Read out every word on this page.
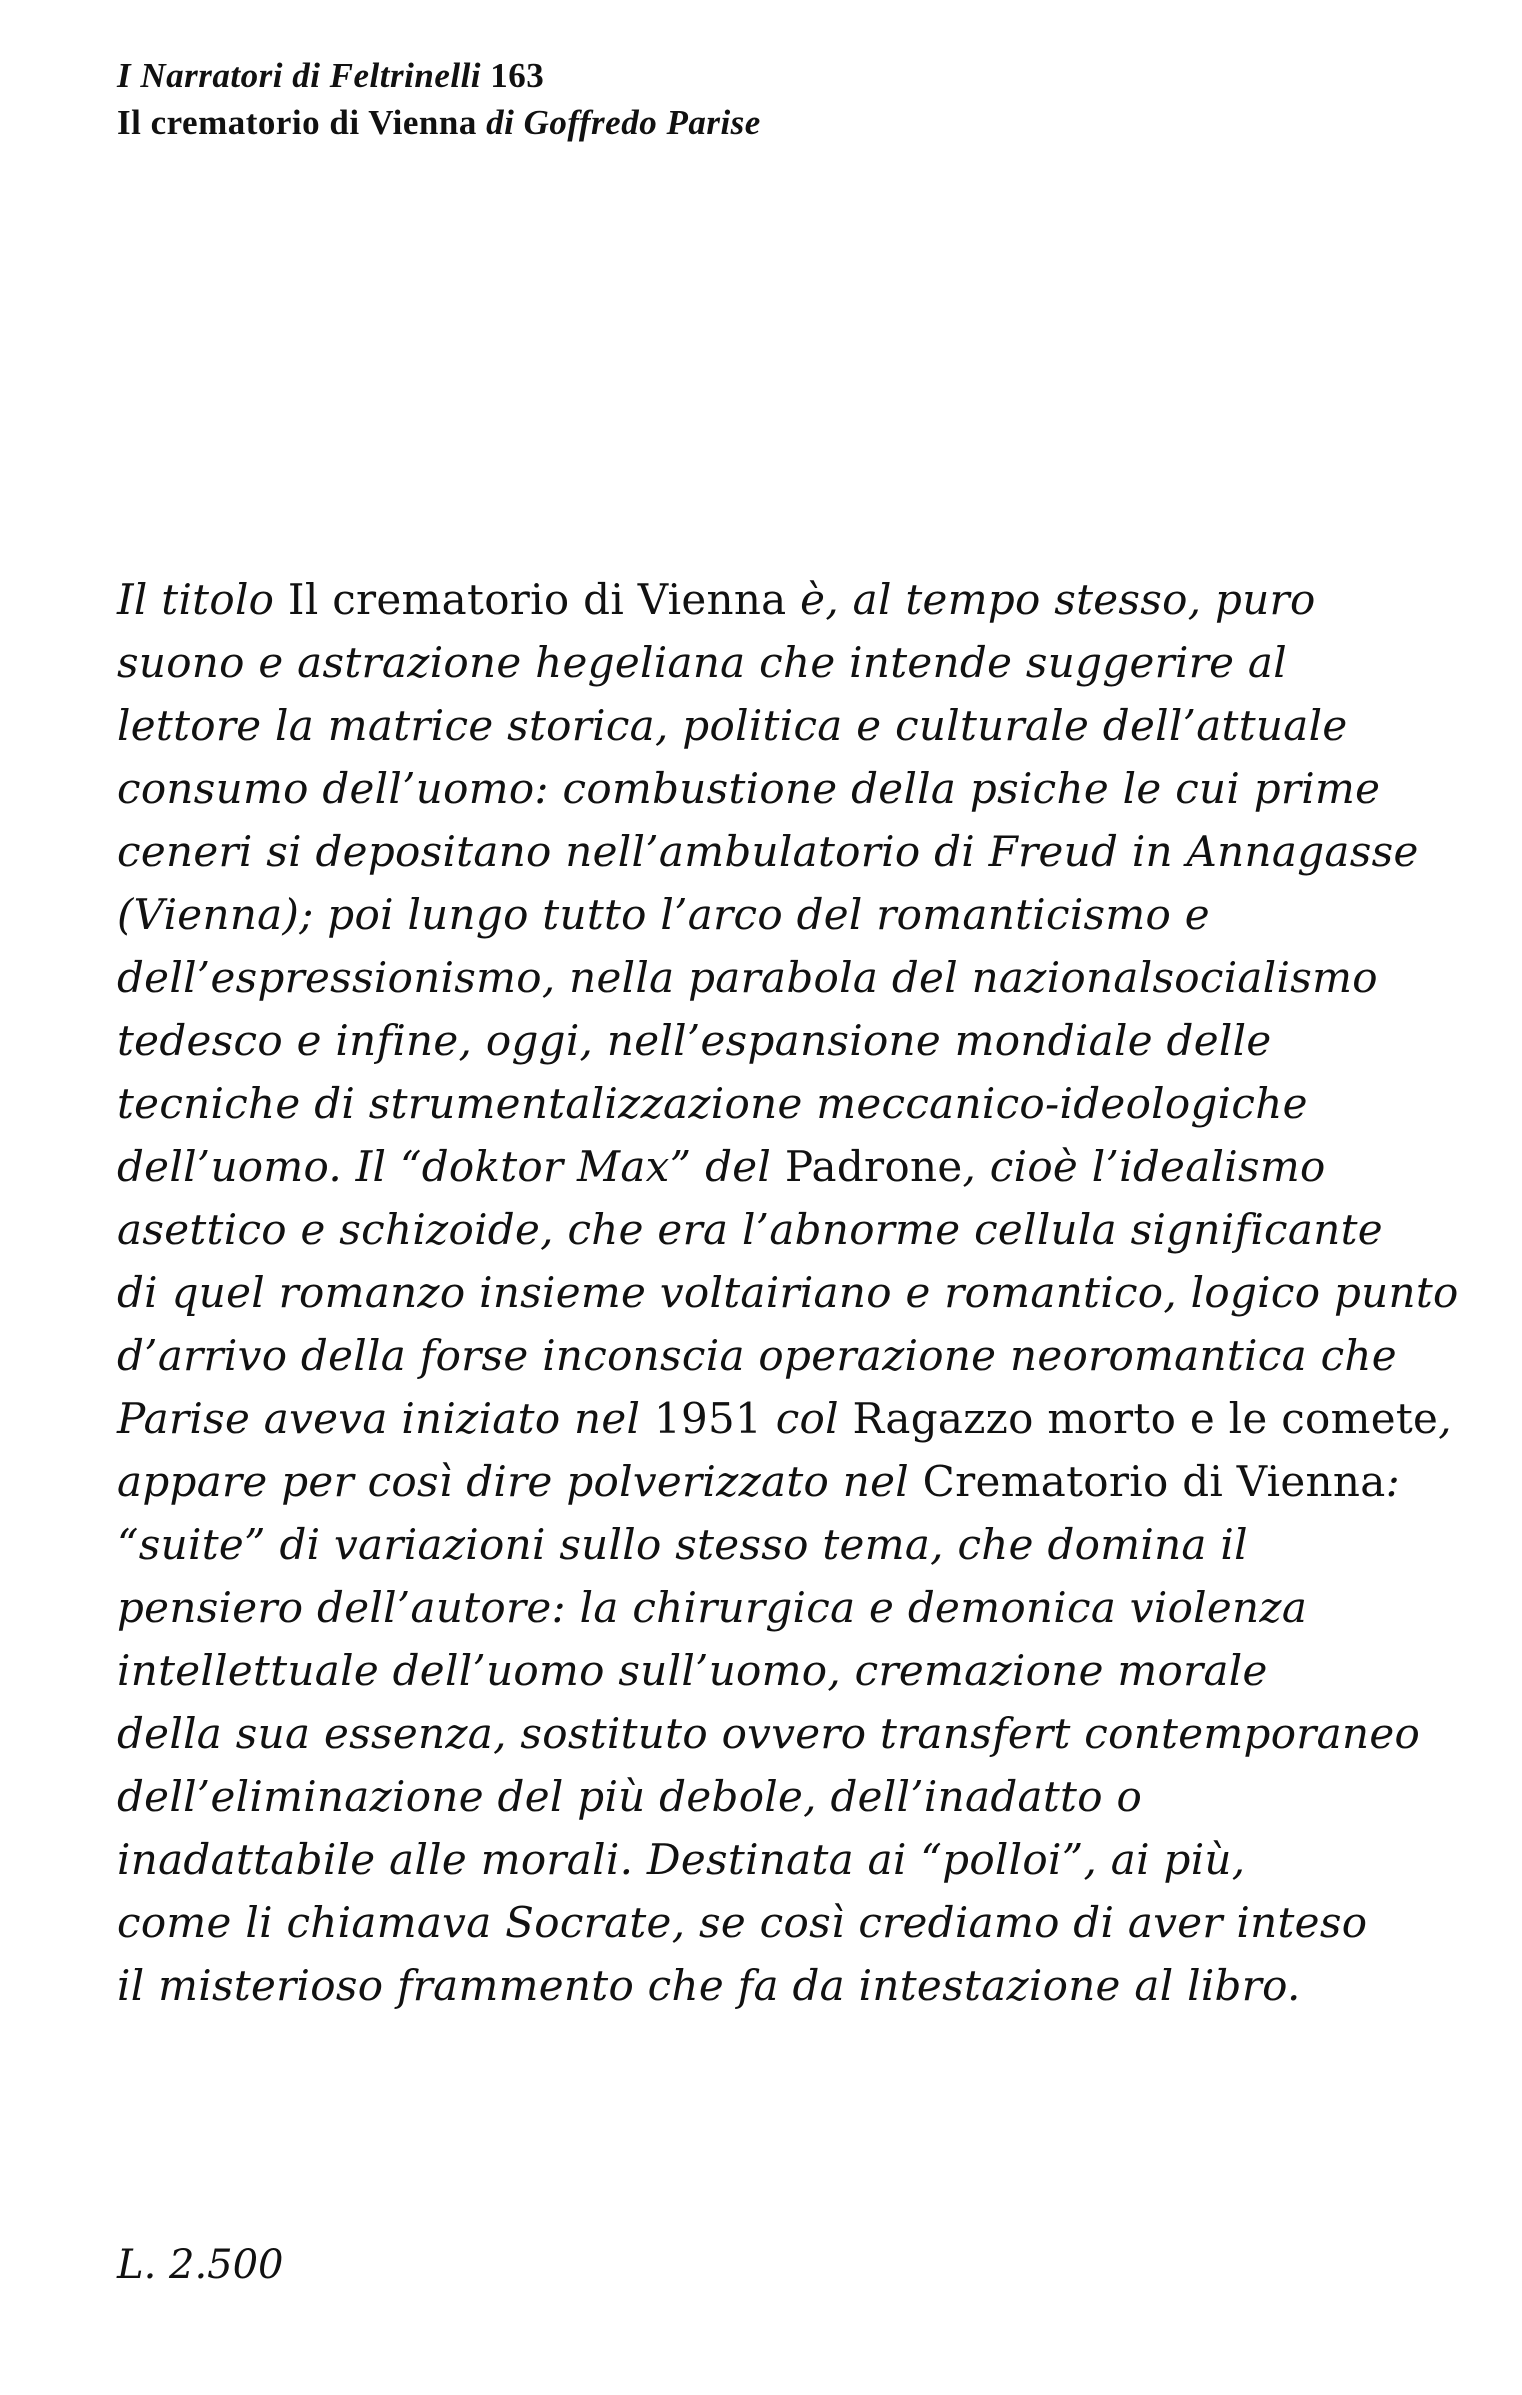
I Narratori di Feltrinelli 163
Il crematorio di Vienna di Goffredo Parise
Il titolo Il crematorio di Vienna è, al tempo stesso, puro
suono e astrazione hegeliana che intende suggerire al
lettore la matrice storica, politica e culturale dell’attuale
consumo dell’uomo: combustione della psiche le cui prime
ceneri si depositano nell’ambulatorio di Freud in Annagasse
(Vienna); poi lungo tutto l’arco del romanticismo e
dell’espressionismo, nella parabola del nazionalsocialismo
tedesco e infine, oggi, nell’espansione mondiale delle
tecniche di strumentalizzazione meccanico-ideologiche
dell’uomo. Il “doktor Max” del Padrone, cioè l’idealismo
asettico e schizoide, che era l’abnorme cellula significante
di quel romanzo insieme voltairiano e romantico, logico punto
d’arrivo della forse inconscia operazione neoromantica che
Parise aveva iniziato nel 1951 col Ragazzo morto e le comete,
appare per così dire polverizzato nel Crematorio di Vienna:
“suite” di variazioni sullo stesso tema, che domina il
pensiero dell’autore: la chirurgica e demonica violenza
intellettuale dell’uomo sull’uomo, cremazione morale
della sua essenza, sostituto ovvero transfert contemporaneo
dell’eliminazione del più debole, dell’inadatto o
inadattabile alle morali. Destinata ai “polloi”, ai più,
come li chiamava Socrate, se così crediamo di aver inteso
il misterioso frammento che fa da intestazione al libro.
L. 2.500
